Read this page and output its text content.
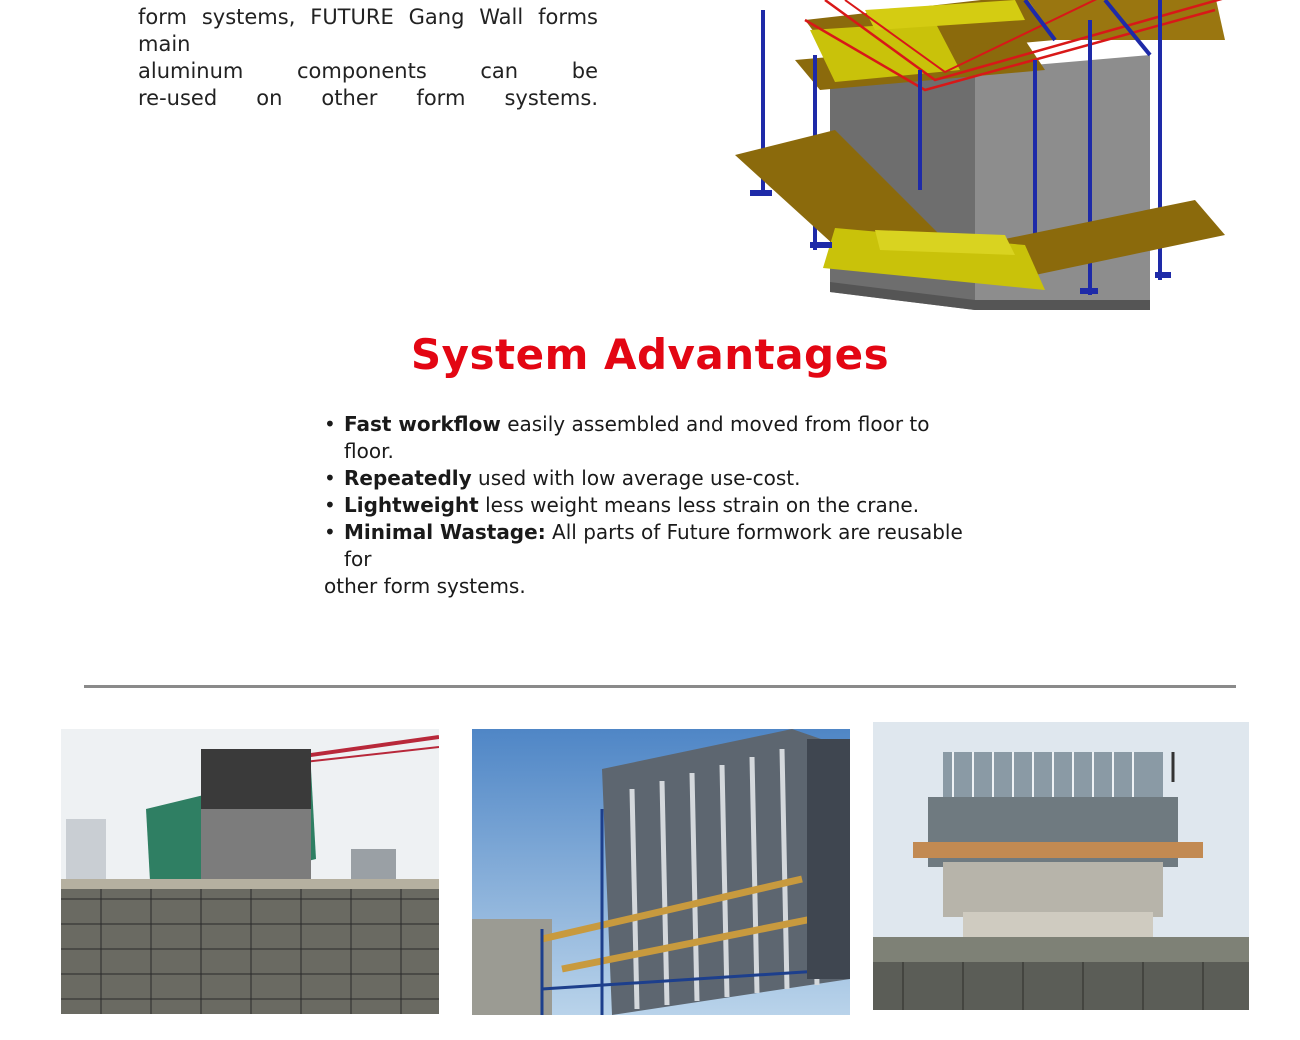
form systems, FUTURE Gang Wall forms main
aluminum components can be
re-used on other form systems.
System Advantages
• Fast workflow easily assembled and moved from floor to floor.
• Repeatedly used with low average use-cost.
• Lightweight less weight means less strain on the crane.
• Minimal Wastage: All parts of Future formwork are reusable for
other form systems.
